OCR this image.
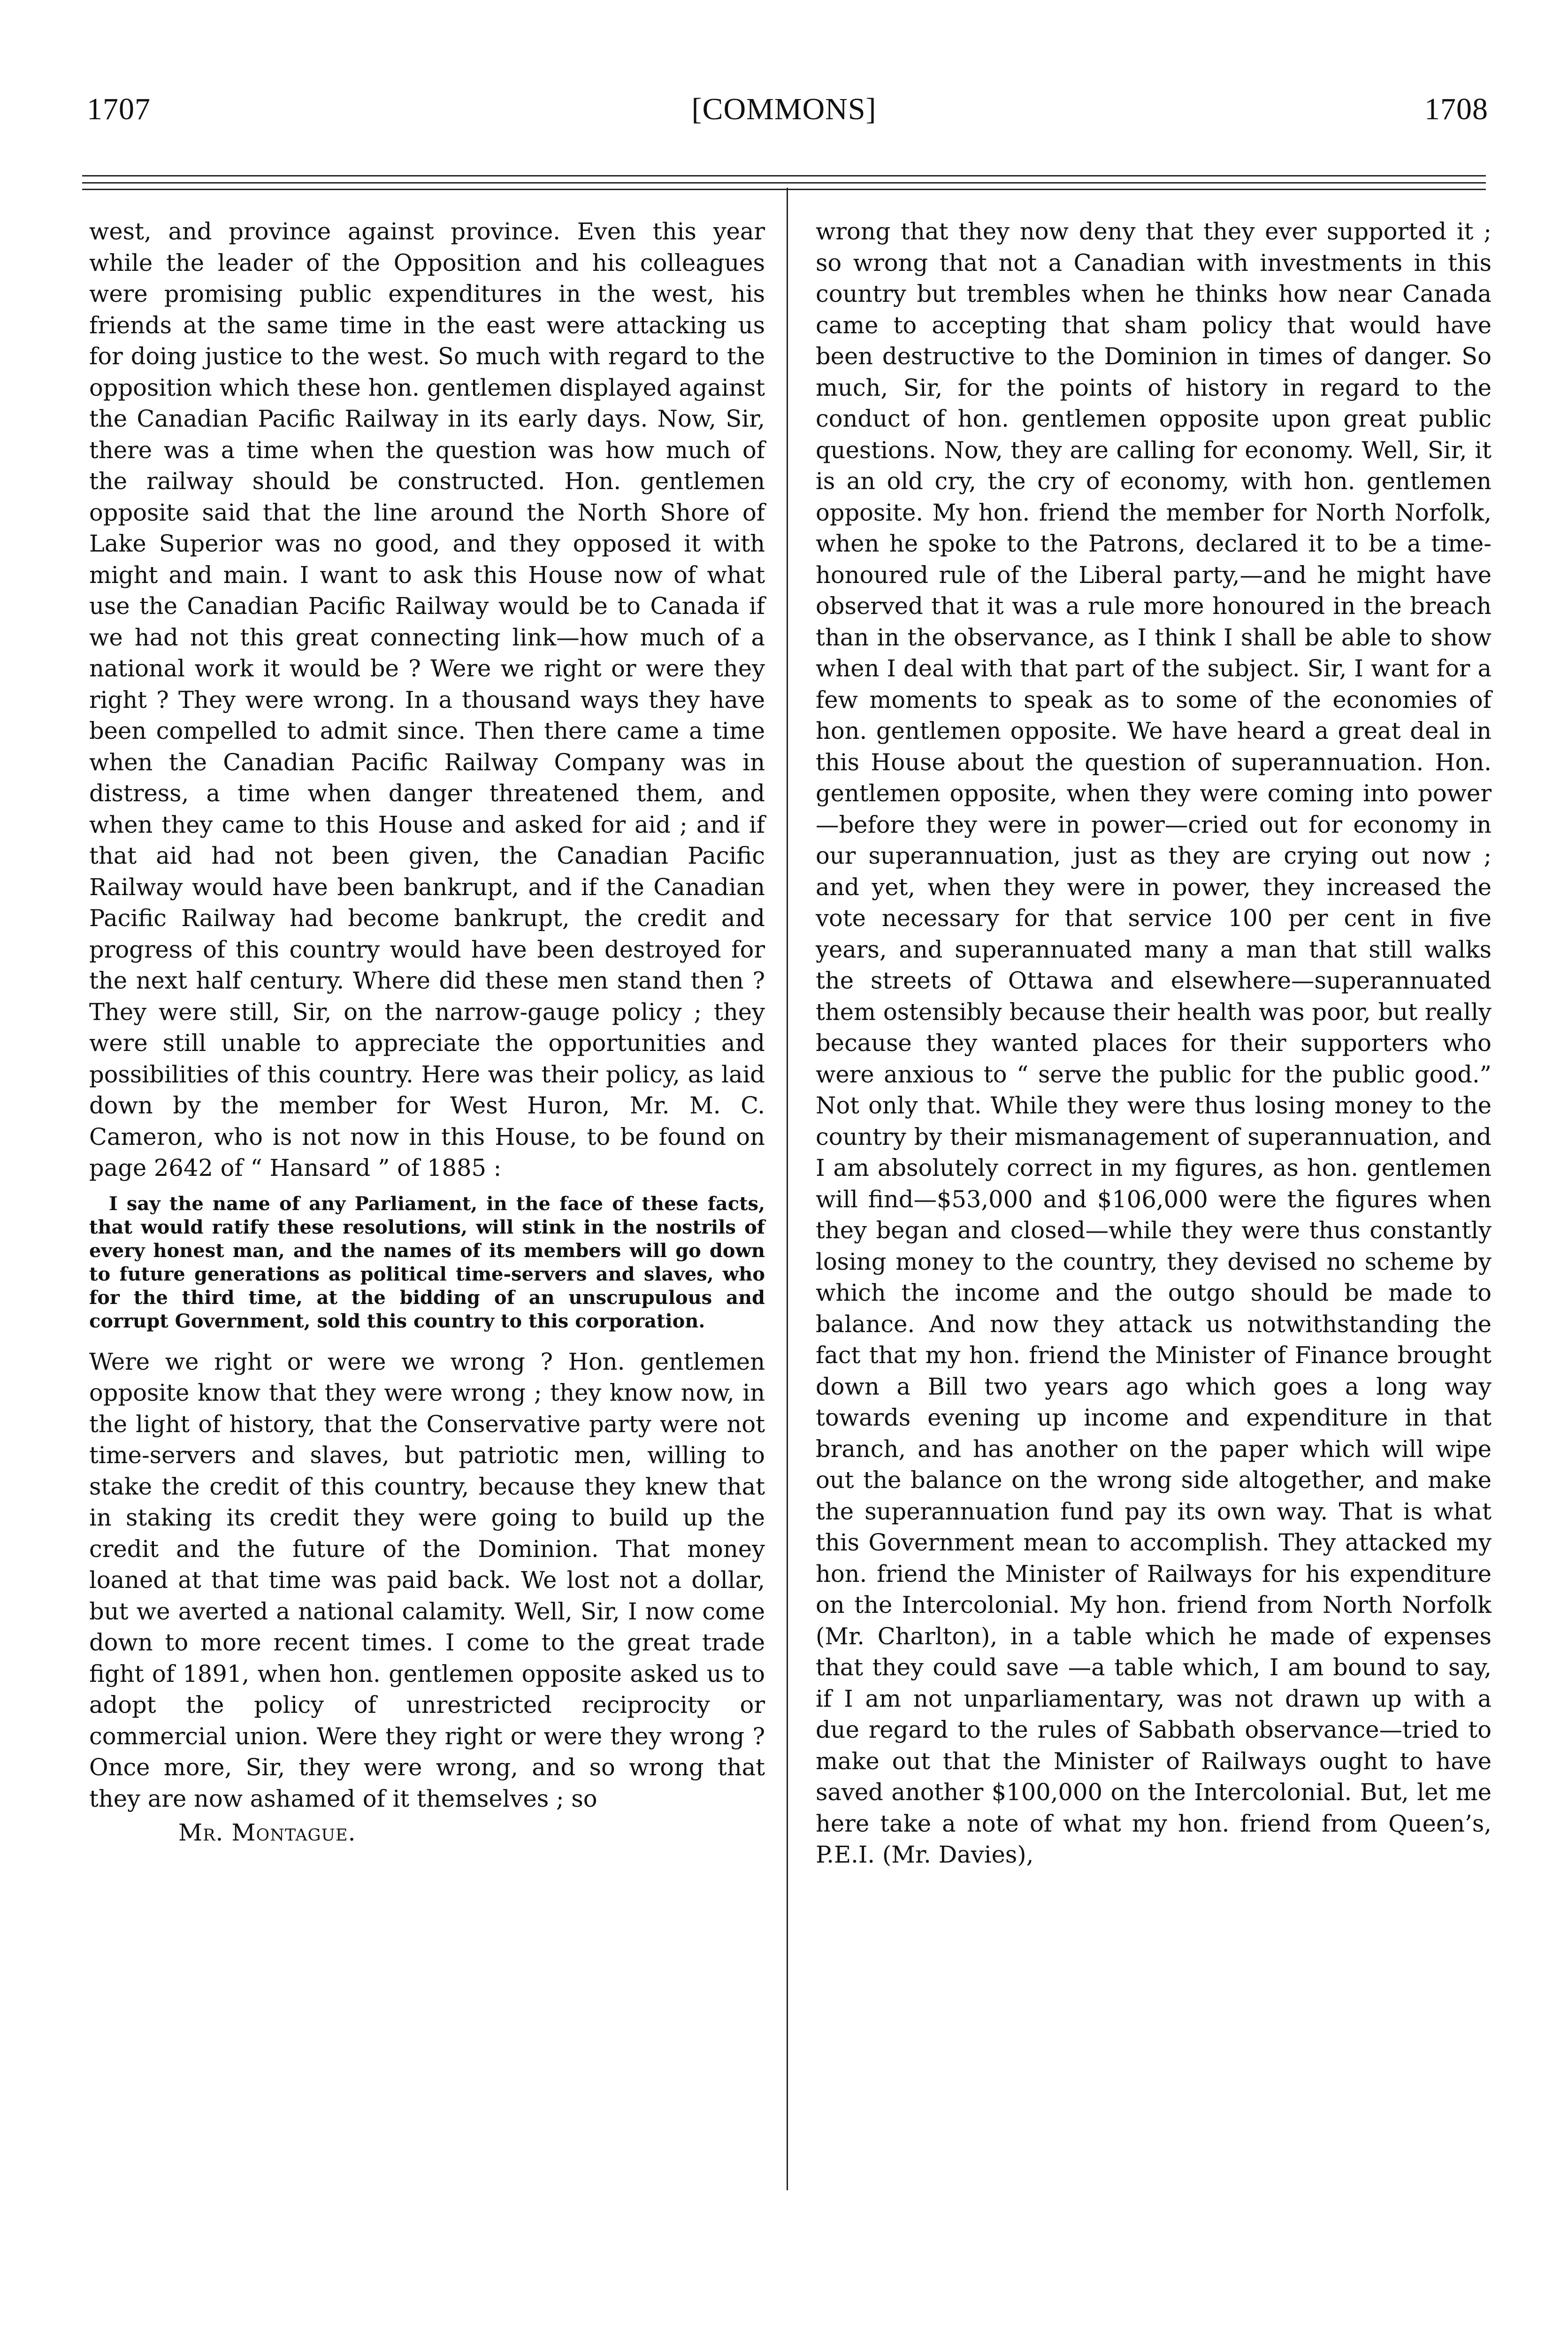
1707	[COMMONS]	1708

west, and province against province. Even this year while the leader of the Opposition and his colleagues were promising public expenditures in the west, his friends at the same time in the east were attacking us for doing justice to the west. So much with regard to the opposition which these hon. gentlemen displayed against the Canadian Pacific Railway in its early days. Now, Sir, there was a time when the question was how much of the railway should be constructed. Hon. gentlemen opposite said that the line around the North Shore of Lake Superior was no good, and they opposed it with might and main. I want to ask this House now of what use the Canadian Pacific Railway would be to Canada if we had not this great connecting link—how much of a national work it would be ? Were we right or were they right ? They were wrong. In a thousand ways they have been compelled to admit since. Then there came a time when the Canadian Pacific Railway Company was in distress, a time when danger threatened them, and when they came to this House and asked for aid ; and if that aid had not been given, the Canadian Pacific Railway would have been bankrupt, and if the Canadian Pacific Railway had become bankrupt, the credit and progress of this country would have been destroyed for the next half century. Where did these men stand then ? They were still, Sir, on the narrow-gauge policy ; they were still unable to appreciate the opportunities and possibilities of this country. Here was their policy, as laid down by the member for West Huron, Mr. M. C. Cameron, who is not now in this House, to be found on page 2642 of “ Hansard ” of 1885 :

I say the name of any Parliament, in the face of these facts, that would ratify these resolutions, will stink in the nostrils of every honest man, and the names of its members will go down to future generations as political time-servers and slaves, who for the third time, at the bidding of an unscrupulous and corrupt Government, sold this country to this corporation.

Were we right or were we wrong ? Hon. gentlemen opposite know that they were wrong ; they know now, in the light of history, that the Conservative party were not time-servers and slaves, but patriotic men, willing to stake the credit of this country, because they knew that in staking its credit they were going to build up the credit and the future of the Dominion. That money loaned at that time was paid back. We lost not a dollar, but we averted a national calamity. Well, Sir, I now come down to more recent times. I come to the great trade fight of 1891, when hon. gentlemen opposite asked us to adopt the policy of unrestricted reciprocity or commercial union. Were they right or were they wrong ? Once more, Sir, they were wrong, and so wrong that they are now ashamed of it themselves ; so

Mr. Montague.

wrong that they now deny that they ever supported it ; so wrong that not a Canadian with investments in this country but trembles when he thinks how near Canada came to accepting that sham policy that would have been destructive to the Dominion in times of danger. So much, Sir, for the points of history in regard to the conduct of hon. gentlemen opposite upon great public questions. Now, they are calling for economy. Well, Sir, it is an old cry, the cry of economy, with hon. gentlemen opposite. My hon. friend the member for North Norfolk, when he spoke to the Patrons, declared it to be a time-honoured rule of the Liberal party,—and he might have observed that it was a rule more honoured in the breach than in the observance, as I think I shall be able to show when I deal with that part of the subject. Sir, I want for a few moments to speak as to some of the economies of hon. gentlemen opposite. We have heard a great deal in this House about the question of superannuation. Hon. gentlemen opposite, when they were coming into power—before they were in power—cried out for economy in our superannuation, just as they are crying out now ; and yet, when they were in power, they increased the vote necessary for that service 100 per cent in five years, and superannuated many a man that still walks the streets of Ottawa and elsewhere—superannuated them ostensibly because their health was poor, but really because they wanted places for their supporters who were anxious to “ serve the public for the public good.” Not only that. While they were thus losing money to the country by their mismanagement of superannuation, and I am absolutely correct in my figures, as hon. gentlemen will find—$53,000 and $106,000 were the figures when they began and closed—while they were thus constantly losing money to the country, they devised no scheme by which the income and the outgo should be made to balance. And now they attack us notwithstanding the fact that my hon. friend the Minister of Finance brought down a Bill two years ago which goes a long way towards evening up income and expenditure in that branch, and has another on the paper which will wipe out the balance on the wrong side altogether, and make the superannuation fund pay its own way. That is what this Government mean to accomplish. They attacked my hon. friend the Minister of Railways for his expenditure on the Intercolonial. My hon. friend from North Norfolk (Mr. Charlton), in a table which he made of expenses that they could save —a table which, I am bound to say, if I am not unparliamentary, was not drawn up with a due regard to the rules of Sabbath observance—tried to make out that the Minister of Railways ought to have saved another $100,000 on the Intercolonial. But, let me here take a note of what my hon. friend from Queen’s, P.E.I. (Mr. Davies),
